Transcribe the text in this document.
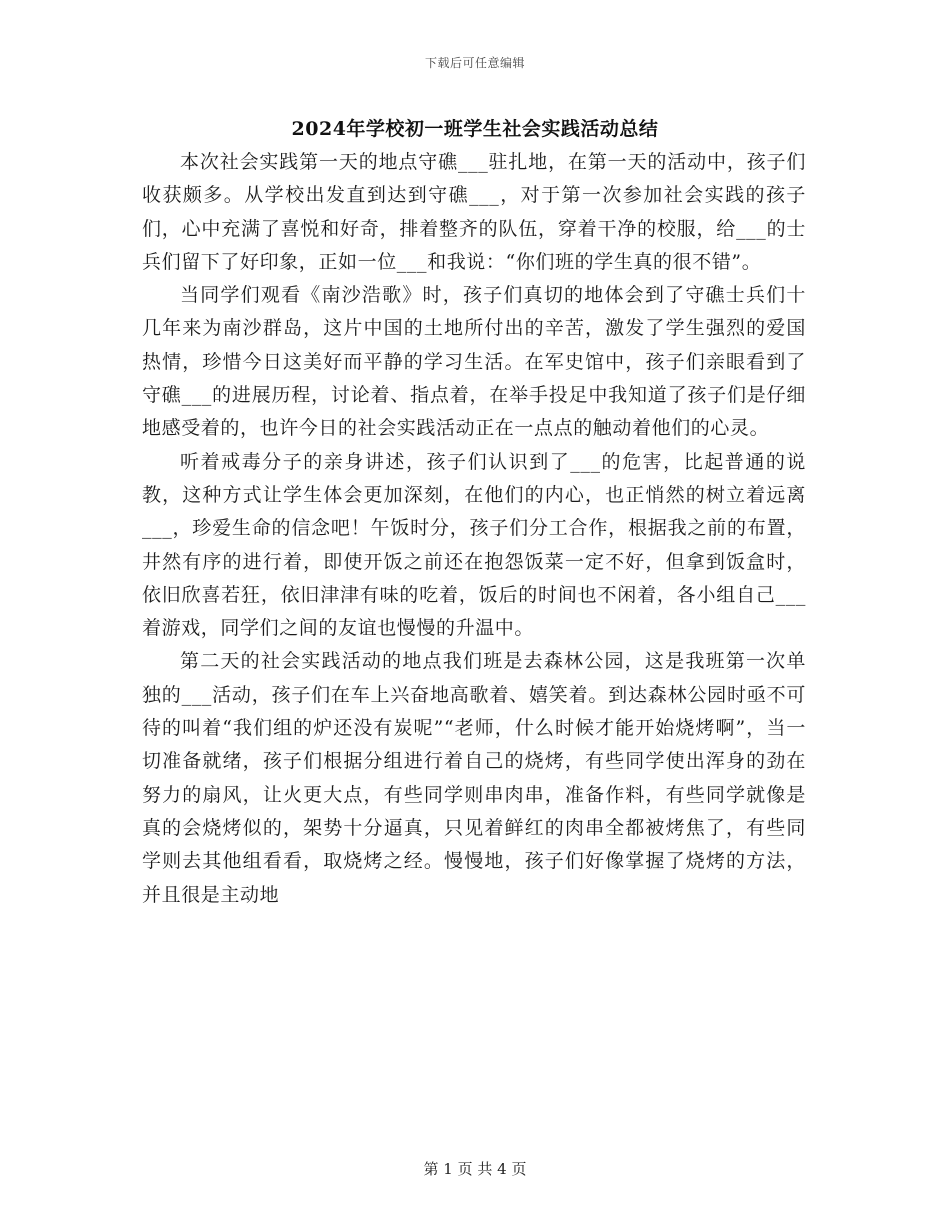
下载后可任意编辑
2024年学校初一班学生社会实践活动总结

本次社会实践第一天的地点守礁___驻扎地，在第一天的活动中，孩子们收获颇多。从学校出发直到达到守礁___，对于第一次参加社会实践的孩子们，心中充满了喜悦和好奇，排着整齐的队伍，穿着干净的校服，给___的士兵们留下了好印象，正如一位___和我说：“你们班的学生真的很不错”。

当同学们观看《南沙浩歌》时，孩子们真切的地体会到了守礁士兵们十几年来为南沙群岛，这片中国的土地所付出的辛苦，激发了学生强烈的爱国热情，珍惜今日这美好而平静的学习生活。在军史馆中，孩子们亲眼看到了守礁___的进展历程，讨论着、指点着，在举手投足中我知道了孩子们是仔细地感受着的，也许今日的社会实践活动正在一点点的触动着他们的心灵。

听着戒毒分子的亲身讲述，孩子们认识到了___的危害，比起普通的说教，这种方式让学生体会更加深刻，在他们的内心，也正悄然的树立着远离___，珍爱生命的信念吧！午饭时分，孩子们分工合作，根据我之前的布置，井然有序的进行着，即使开饭之前还在抱怨饭菜一定不好，但拿到饭盒时，依旧欣喜若狂，依旧津津有味的吃着，饭后的时间也不闲着，各小组自己___着游戏，同学们之间的友谊也慢慢的升温中。

第二天的社会实践活动的地点我们班是去森林公园，这是我班第一次单独的___活动，孩子们在车上兴奋地高歌着、嬉笑着。到达森林公园时亟不可待的叫着“我们组的炉还没有炭呢”“老师，什么时候才能开始烧烤啊”，当一切准备就绪，孩子们根据分组进行着自己的烧烤，有些同学使出浑身的劲在努力的扇风，让火更大点，有些同学则串肉串，准备作料，有些同学就像是真的会烧烤似的，架势十分逼真，只见着鲜红的肉串全都被烤焦了，有些同学则去其他组看看，取烧烤之经。慢慢地，孩子们好像掌握了烧烤的方法，并且很是主动地

第 1 页 共 4 页
